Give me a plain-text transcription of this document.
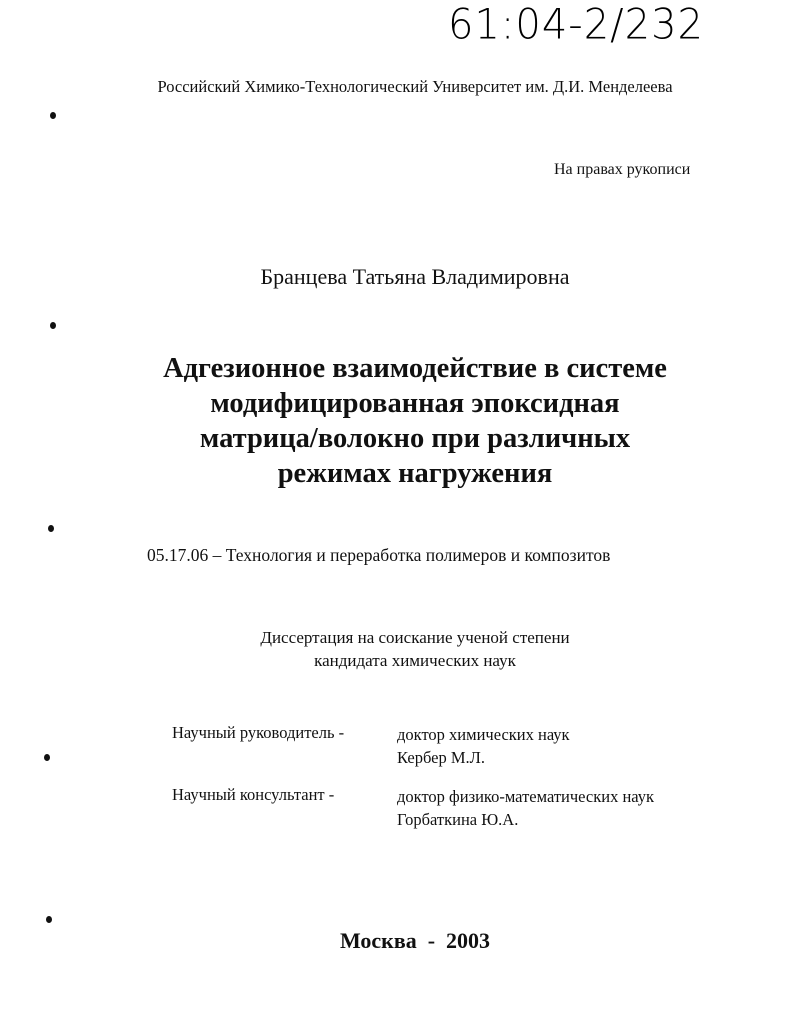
61:04-2/232
Российский Химико-Технологический Университет им. Д.И. Менделеева
На правах рукописи
Бранцева Татьяна Владимировна
Адгезионное взаимодействие в системе
модифицированная эпоксидная
матрица/волокно при различных
режимах нагружения
05.17.06 – Технология и переработка полимеров и композитов
Диссертация на соискание ученой степени
кандидата химических наук
Научный руководитель -	доктор химических наук
Кербер М.Л.
Научный консультант -	доктор физико-математических наук
Горбаткина Ю.А.
Москва  -  2003
